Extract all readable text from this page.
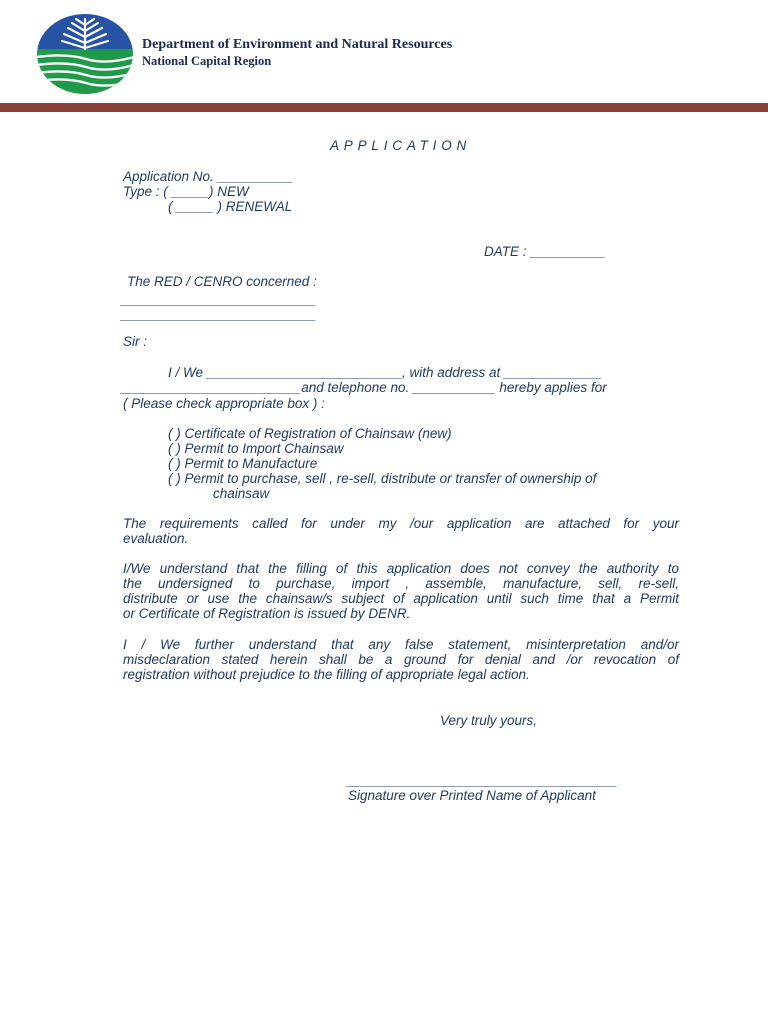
Department of Environment and Natural Resources
National Capital Region
APPLICATION
Application No. __________
Type : ( _____) NEW
( _____ ) RENEWAL
DATE : __________
The RED / CENRO concerned :
__________________________
__________________________
Sir :
I / We __________________________, with address at _____________
________________________and telephone no. ___________ hereby applies for
( Please check appropriate box ) :
( ) Certificate of Registration of Chainsaw (new)
( ) Permit to Import Chainsaw
( ) Permit to Manufacture
( ) Permit to purchase, sell , re-sell, distribute or transfer of ownership of
chainsaw
The requirements called for under my /our application are attached for your
evaluation.
I/We understand that the filling of this application does not convey the authority to
the undersigned to purchase, import , assemble, manufacture, sell, re-sell,
distribute or use the chainsaw/s subject of application until such time that a Permit
or Certificate of Registration is issued by DENR.
I / We further understand that any false statement, misinterpretation and/or
misdeclaration stated herein shall be a ground for denial and /or revocation of
registration without prejudice to the filling of appropriate legal action.
Very truly yours,
____________________________________
Signature over Printed Name of Applicant
